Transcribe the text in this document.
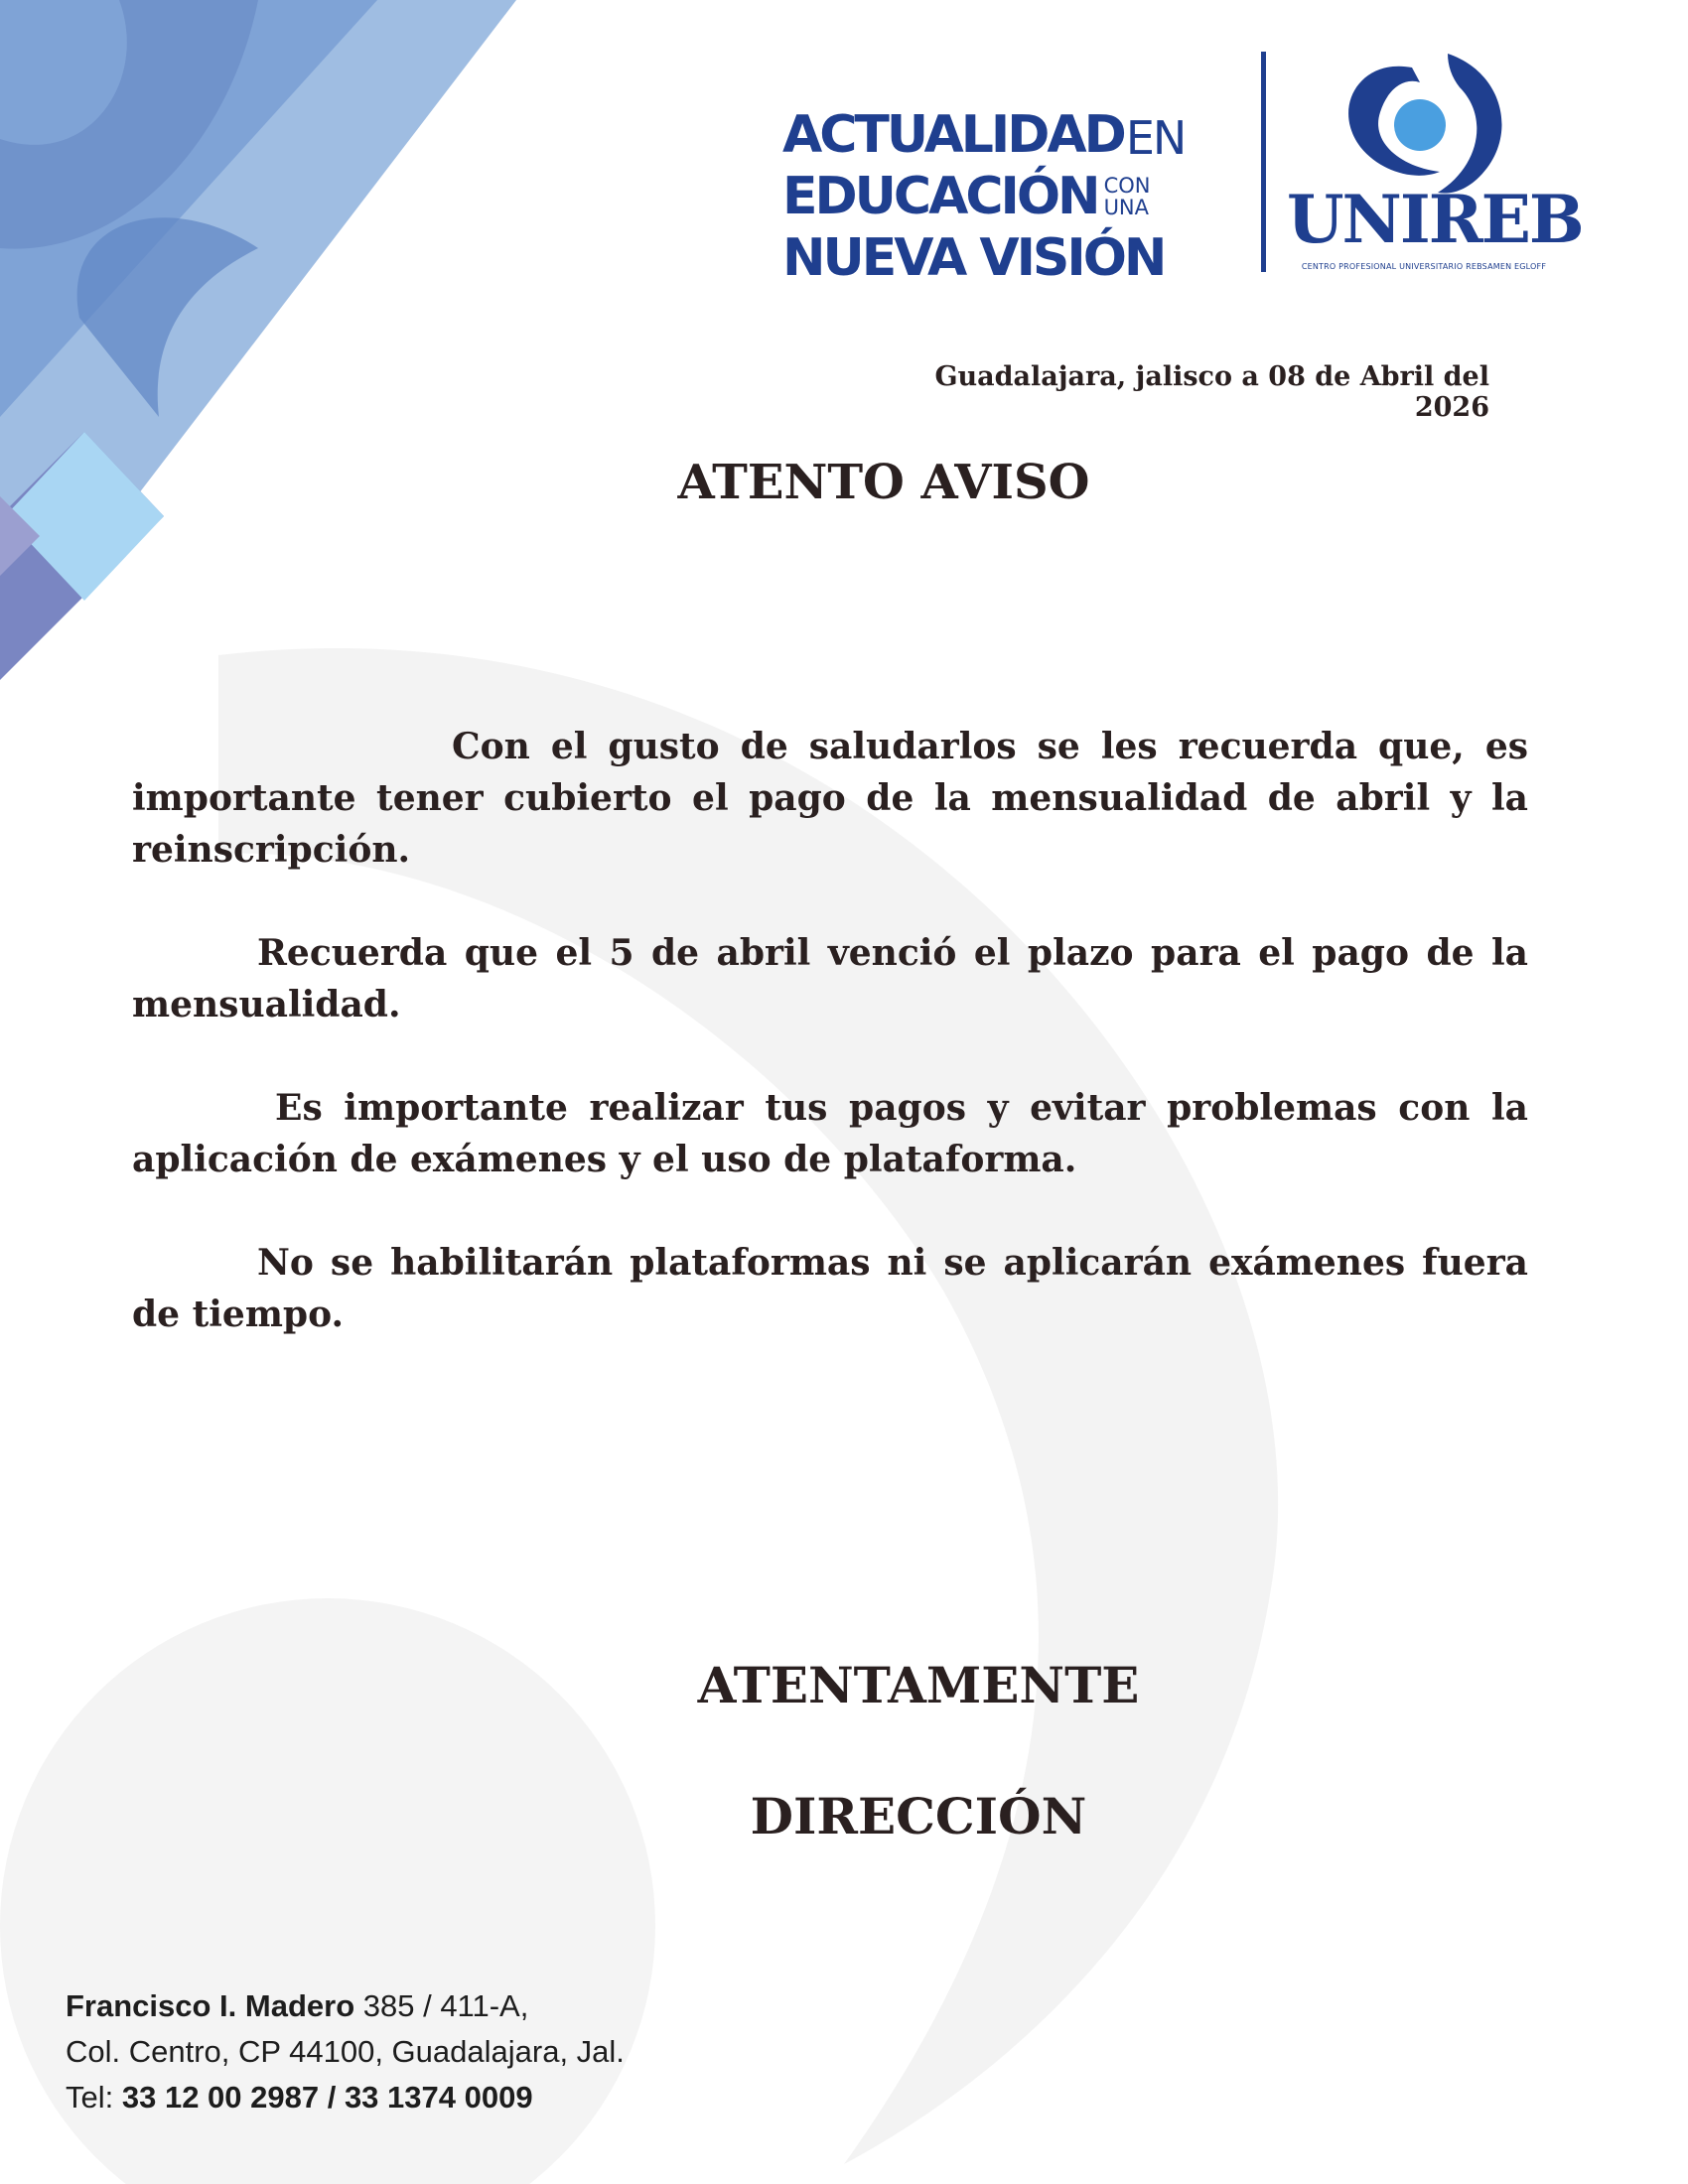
ACTUALIDAD EN
EDUCACIÓN CON
UNA
NUEVA VISIÓN UNIREB
CENTRO PROFESIONAL UNIVERSITARIO REBSAMEN EGLOFF
Guadalajara, jalisco a 08 de Abril del 2026
ATENTO AVISO

Con el gusto de saludarlos se les recuerda que, es importante tener cubierto el pago de la mensualidad de abril y la reinscripción.

Recuerda que el 5 de abril venció el plazo para el pago de la mensualidad.

Es importante realizar tus pagos y evitar problemas con la aplicación de exámenes y el uso de plataforma.

No se habilitarán plataformas ni se aplicarán exámenes fuera de tiempo.

ATENTAMENTE
DIRECCIÓN
Francisco I. Madero 385 / 411-A,
Col. Centro, CP 44100, Guadalajara, Jal.
Tel: 33 12 00 2987 / 33 1374 0009
